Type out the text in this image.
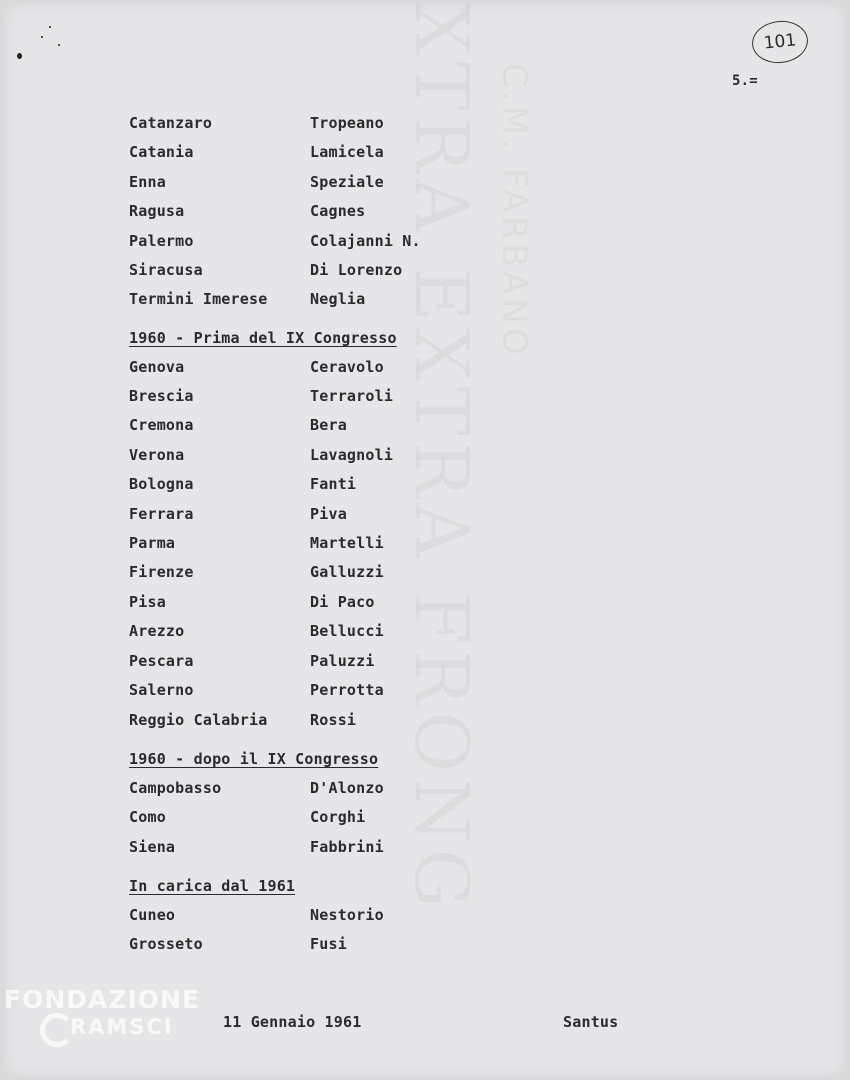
101
5.=
Catanzaro	Tropeano
Catania	Lamicela
Enna	Speziale
Ragusa	Cagnes
Palermo	Colajanni N.
Siracusa	Di Lorenzo
Termini Imerese	Neglia
1960 - Prima del IX Congresso
Genova	Ceravolo
Brescia	Terraroli
Cremona	Bera
Verona	Lavagnoli
Bologna	Fanti
Ferrara	Piva
Parma	Martelli
Firenze	Galluzzi
Pisa	Di Paco
Arezzo	Bellucci
Pescara	Paluzzi
Salerno	Perrotta
Reggio Calabria	Rossi
1960 - dopo il IX Congresso
Campobasso	D'Alonzo
Como	Corghi
Siena	Fabbrini
In carica dal 1961
Cuneo	Nestorio
Grosseto	Fusi
11 Gennaio 1961	Santus
FONDAZIONE
RAMSCI
